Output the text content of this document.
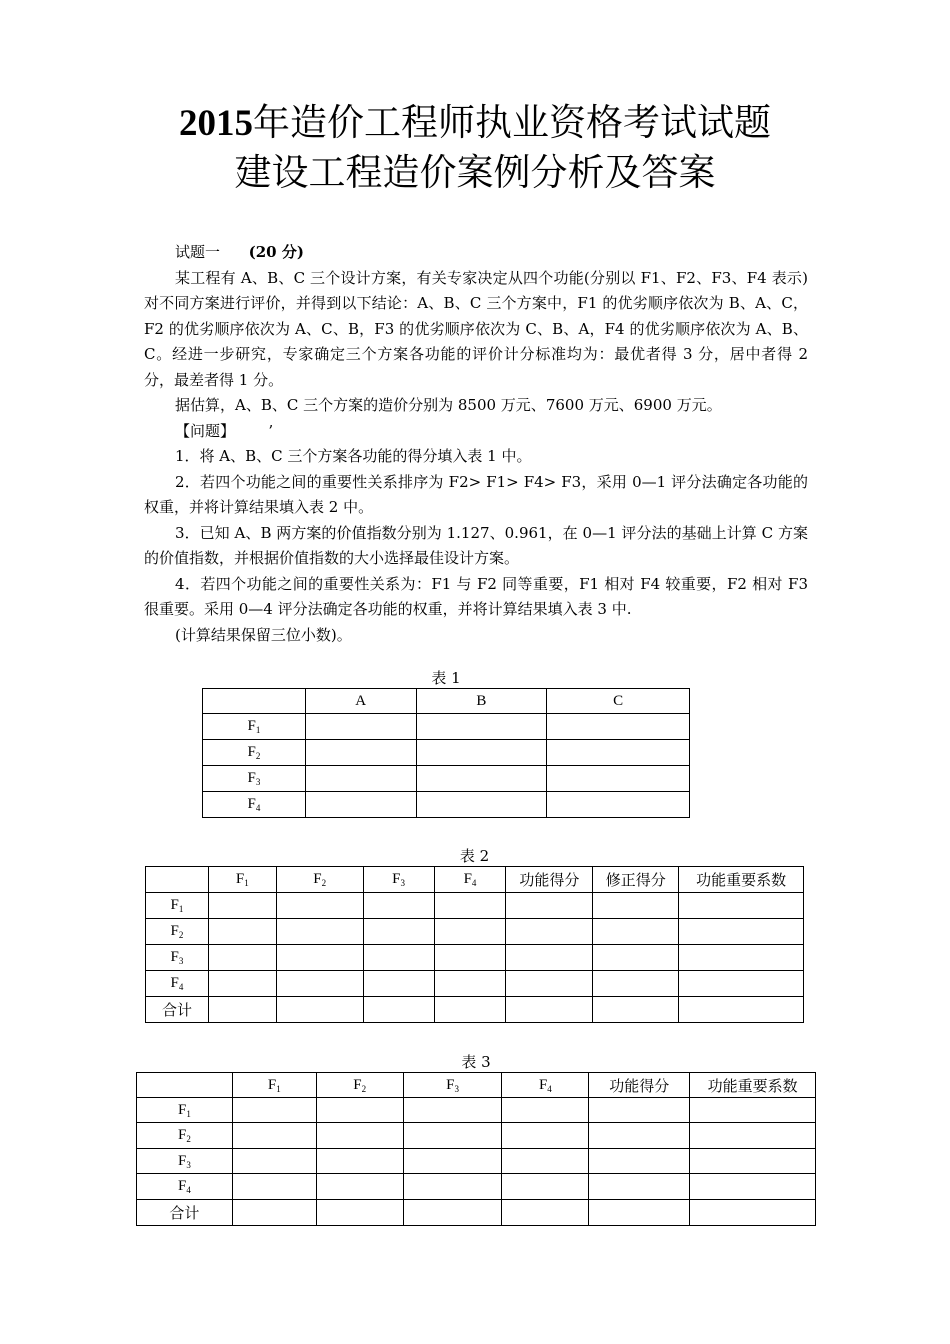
2015年造价工程师执业资格考试试题
建设工程造价案例分析及答案

试题一 (20 分)

某工程有 A、B、C 三个设计方案，有关专家决定从四个功能(分别以 F1、F2、F3、F4 表示)对不同方案进行评价，并得到以下结论：A、B、C 三个方案中，F1 的优劣顺序依次为 B、A、C，F2 的优劣顺序依次为 A、C、B，F3 的优劣顺序依次为 C、B、A，F4 的优劣顺序依次为 A、B、C。经进一步研究，专家确定三个方案各功能的评价计分标准均为：最优者得 3 分，居中者得 2 分，最差者得 1 分。

据估算，A、B、C 三个方案的造价分别为 8500 万元、7600 万元、6900 万元。

【问题】 ’

1．将 A、B、C 三个方案各功能的得分填入表 1 中。

2．若四个功能之间的重要性关系排序为 F2> F1> F4> F3，采用 0—1 评分法确定各功能的权重，并将计算结果填入表 2 中。

3．已知 A、B 两方案的价值指数分别为 1.127、0.961，在 0—1 评分法的基础上计算 C 方案的价值指数，并根据价值指数的大小选择最佳设计方案。

4．若四个功能之间的重要性关系为：F1 与 F2 同等重要，F1 相对 F4 较重要，F2 相对 F3 很重要。采用 0—4 评分法确定各功能的权重，并将计算结果填入表 3 中.

(计算结果保留三位小数)。

表 1
	A	B	C
$F_1$			
$F_2$			
$F_3$			
$F_4$			
表 2
	$F_1$	$F_2$	$F_3$	$F_4$	功能得分	修正得分	功能重要系数
$F_1$							
$F_2$							
$F_3$							
$F_4$							
合计							
表 3
	$F_1$	$F_2$	$F_3$	$F_4$	功能得分	功能重要系数
$F_1$						
$F_2$						
$F_3$						
$F_4$						
合计						
